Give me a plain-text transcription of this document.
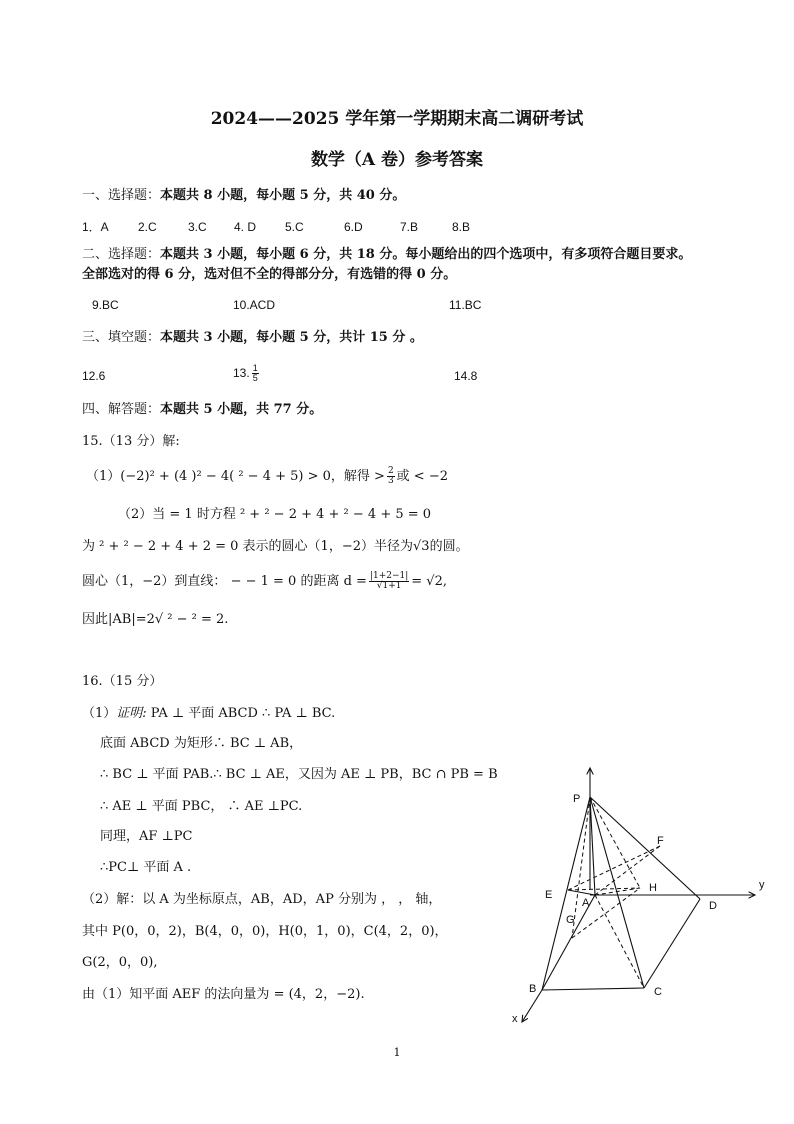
2024——2025 学年第一学期期末高二调研考试
数学（A 卷）参考答案
一、选择题：本题共 8 小题，每小题 5 分，共 40 分。
1．A 2.C	3.C 4. D 5.C	6.D	7.B	8.B
二、选择题：本题共 3 小题，每小题 6 分，共 18 分。每小题给出的四个选项中，有多项符合题目要求。
全部选对的得 6 分，选对但不全的得部分分，有选错的得 0 分。
9.BC	10.ACD	11.BC
三、填空题：本题共 3 小题，每小题 5 分，共计 15 分 。
12.6	13. $\frac{1}{5}$	14.8
四、解答题：本题共 5 小题，共 77 分。
15.（13 分）解:
（1）(−2)² + (4 )² − 4( ² − 4 + 5) > 0，解得 > $\frac{2}{3}$ 或 < −2
（2）当 = 1 时方程 ² + ² − 2 + 4 + ² − 4 + 5 = 0
为 ² + ² − 2 + 4 + 2 = 0 表示的圆心（1，−2）半径为√3的圆。
圆心（1，−2）到直线： − − 1 = 0 的距离 $d = \frac{|1+2-1|}{√1+1} = √2$,
因此|AB|=2√ ² − ² = 2.
16.（15 分）
（1）证明: PA ⊥ 平面 ABCD ∴ PA ⊥ BC.
底面 ABCD 为矩形∴ BC ⊥ AB，
∴ BC ⊥ 平面 PAB.∴ BC ⊥ AE，又因为 AE ⊥ PB，BC ∩ PB = B
∴ AE ⊥ 平面 PBC， ∴ AE ⊥PC.
同理，AF ⊥PC
∴PC⊥ 平面 A .
（2）解：以 A 为坐标原点，AB，AD，AP 分别为 ， ， 轴，
其中 P(0，0，2)，B(4，0，0)，H(0，1，0)，C(4，2，0)，
G(2，0，0),
由（1）知平面 AEF 的法向量为 = (4，2，−2).
P
F
E
H
A
G
D
B	C
x
y
1
